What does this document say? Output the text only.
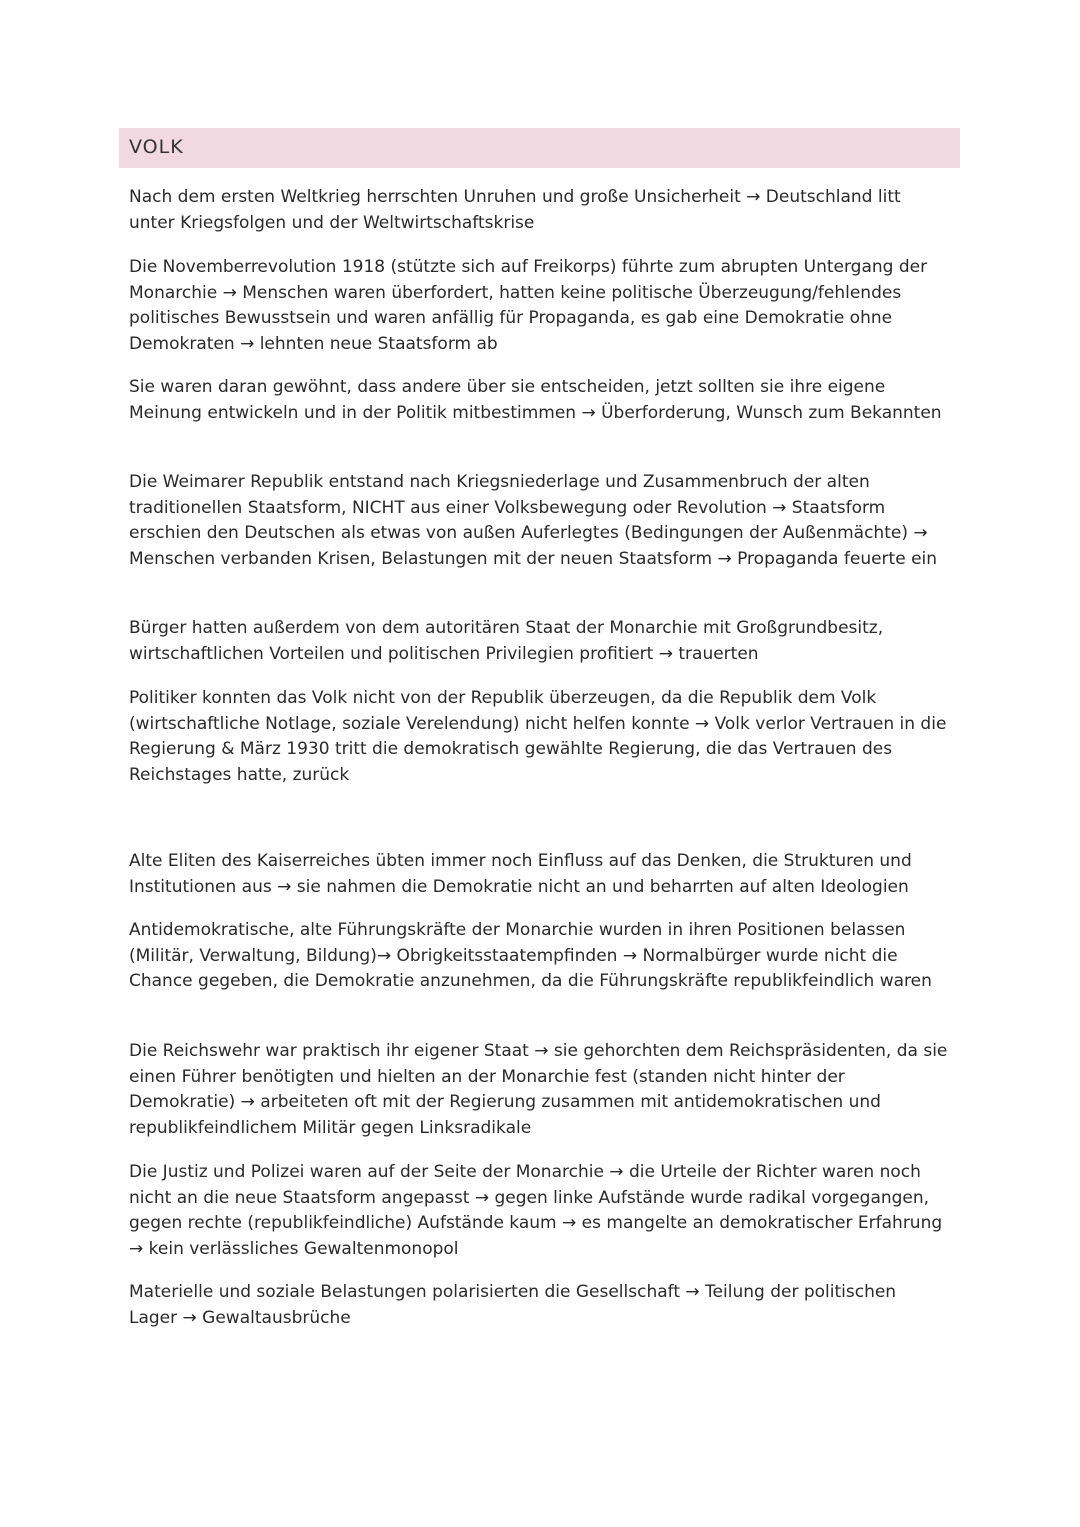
VOLK

Nach dem ersten Weltkrieg herrschten Unruhen und große Unsicherheit → Deutschland litt unter Kriegsfolgen und der Weltwirtschaftskrise

Die Novemberrevolution 1918 (stützte sich auf Freikorps) führte zum abrupten Untergang der Monarchie → Menschen waren überfordert, hatten keine politische Überzeugung/fehlendes politisches Bewusstsein und waren anfällig für Propaganda, es gab eine Demokratie ohne Demokraten → lehnten neue Staatsform ab

Sie waren daran gewöhnt, dass andere über sie entscheiden, jetzt sollten sie ihre eigene Meinung entwickeln und in der Politik mitbestimmen → Überforderung, Wunsch zum Bekannten

Die Weimarer Republik entstand nach Kriegsniederlage und Zusammenbruch der alten traditionellen Staatsform, NICHT aus einer Volksbewegung oder Revolution → Staatsform erschien den Deutschen als etwas von außen Auferlegtes (Bedingungen der Außenmächte) → Menschen verbanden Krisen, Belastungen mit der neuen Staatsform → Propaganda feuerte ein

Bürger hatten außerdem von dem autoritären Staat der Monarchie mit Großgrundbesitz, wirtschaftlichen Vorteilen und politischen Privilegien profitiert → trauerten

Politiker konnten das Volk nicht von der Republik überzeugen, da die Republik dem Volk (wirtschaftliche Notlage, soziale Verelendung) nicht helfen konnte → Volk verlor Vertrauen in die Regierung & März 1930 tritt die demokratisch gewählte Regierung, die das Vertrauen des Reichstages hatte, zurück

Alte Eliten des Kaiserreiches übten immer noch Einfluss auf das Denken, die Strukturen und Institutionen aus → sie nahmen die Demokratie nicht an und beharrten auf alten Ideologien

Antidemokratische, alte Führungskräfte der Monarchie wurden in ihren Positionen belassen (Militär, Verwaltung, Bildung)→ Obrigkeitsstaatempfinden → Normalbürger wurde nicht die Chance gegeben, die Demokratie anzunehmen, da die Führungskräfte republikfeindlich waren

Die Reichswehr war praktisch ihr eigener Staat → sie gehorchten dem Reichspräsidenten, da sie einen Führer benötigten und hielten an der Monarchie fest (standen nicht hinter der Demokratie) → arbeiteten oft mit der Regierung zusammen mit antidemokratischen und republikfeindlichem Militär gegen Linksradikale

Die Justiz und Polizei waren auf der Seite der Monarchie → die Urteile der Richter waren noch nicht an die neue Staatsform angepasst → gegen linke Aufstände wurde radikal vorgegangen, gegen rechte (republikfeindliche) Aufstände kaum → es mangelte an demokratischer Erfahrung → kein verlässliches Gewaltenmonopol

Materielle und soziale Belastungen polarisierten die Gesellschaft → Teilung der politischen Lager → Gewaltausbrüche
